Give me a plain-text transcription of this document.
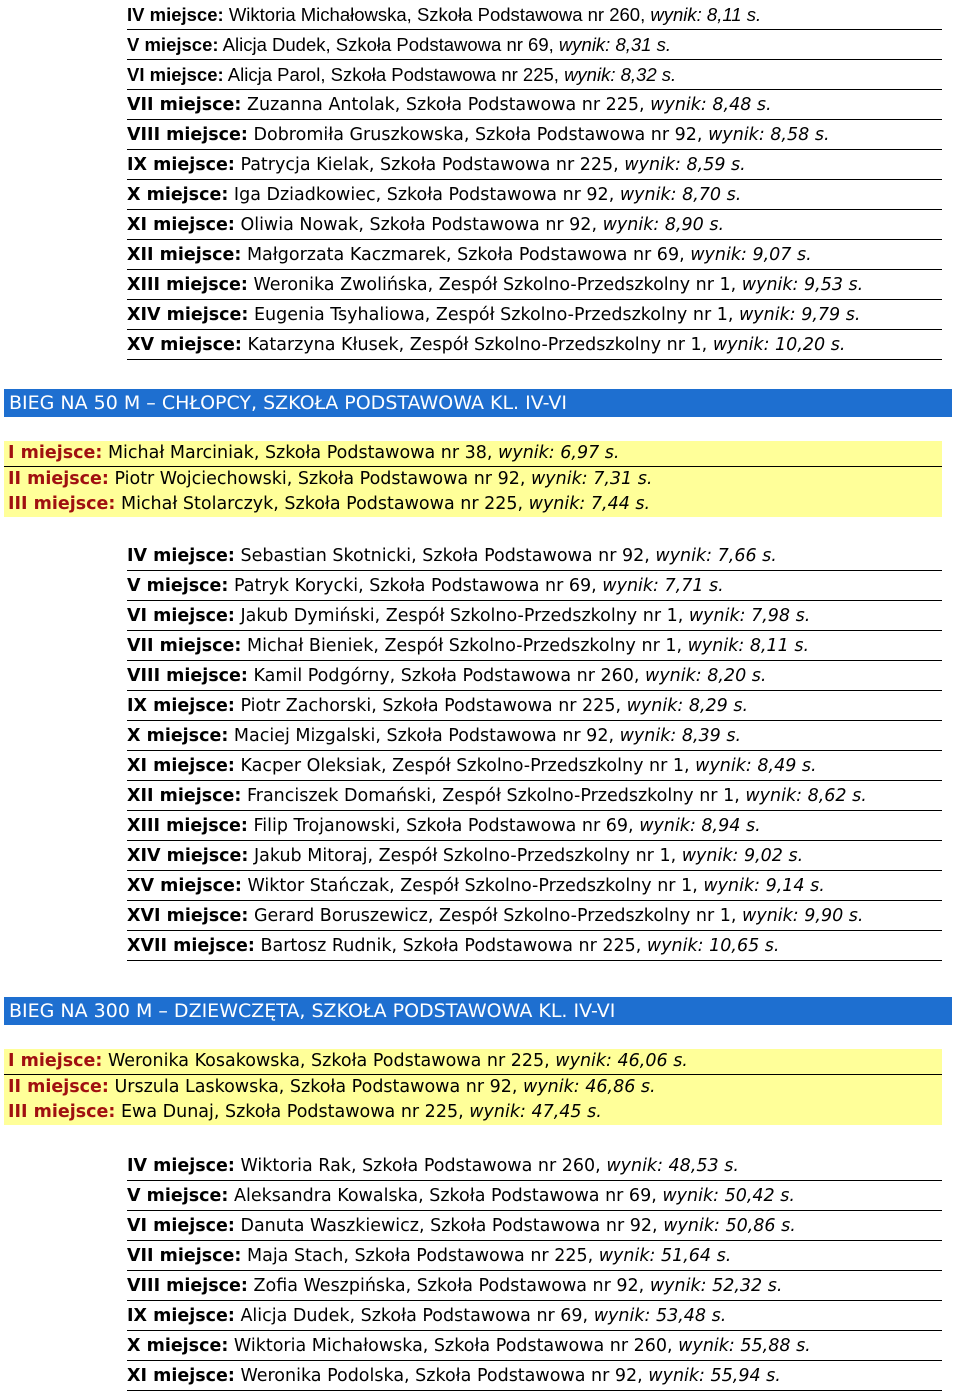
IV miejsce: Wiktoria Michałowska, Szkoła Podstawowa nr 260, wynik: 8,11 s.
V miejsce: Alicja Dudek, Szkoła Podstawowa nr 69, wynik: 8,31 s.
VI miejsce: Alicja Parol, Szkoła Podstawowa nr 225, wynik: 8,32 s.
VII miejsce: Zuzanna Antolak, Szkoła Podstawowa nr 225, wynik: 8,48 s.
VIII miejsce: Dobromiła Gruszkowska, Szkoła Podstawowa nr 92, wynik: 8,58 s.
IX miejsce: Patrycja Kielak, Szkoła Podstawowa nr 225, wynik: 8,59 s.
X miejsce: Iga Dziadkowiec, Szkoła Podstawowa nr 92, wynik: 8,70 s.
XI miejsce: Oliwia Nowak, Szkoła Podstawowa nr 92, wynik: 8,90 s.
XII miejsce: Małgorzata Kaczmarek, Szkoła Podstawowa nr 69, wynik: 9,07 s.
XIII miejsce: Weronika Zwolińska, Zespół Szkolno-Przedszkolny nr 1, wynik: 9,53 s.
XIV miejsce: Eugenia Tsyhaliowa, Zespół Szkolno-Przedszkolny nr 1, wynik: 9,79 s.
XV miejsce: Katarzyna Kłusek, Zespół Szkolno-Przedszkolny nr 1, wynik: 10,20 s.
BIEG NA 50 M – CHŁOPCY, SZKOŁA PODSTAWOWA KL. IV-VI
I miejsce: Michał Marciniak, Szkoła Podstawowa nr 38, wynik: 6,97 s.
II miejsce: Piotr Wojciechowski, Szkoła Podstawowa nr 92, wynik: 7,31 s.
III miejsce: Michał Stolarczyk, Szkoła Podstawowa nr 225, wynik: 7,44 s.
IV miejsce: Sebastian Skotnicki, Szkoła Podstawowa nr 92, wynik: 7,66 s.
V miejsce: Patryk Korycki, Szkoła Podstawowa nr 69, wynik: 7,71 s.
VI miejsce: Jakub Dymiński, Zespół Szkolno-Przedszkolny nr 1, wynik: 7,98 s.
VII miejsce: Michał Bieniek, Zespół Szkolno-Przedszkolny nr 1, wynik: 8,11 s.
VIII miejsce: Kamil Podgórny, Szkoła Podstawowa nr 260, wynik: 8,20 s.
IX miejsce: Piotr Zachorski, Szkoła Podstawowa nr 225, wynik: 8,29 s.
X miejsce: Maciej Mizgalski, Szkoła Podstawowa nr 92, wynik: 8,39 s.
XI miejsce: Kacper Oleksiak, Zespół Szkolno-Przedszkolny nr 1, wynik: 8,49 s.
XII miejsce: Franciszek Domański, Zespół Szkolno-Przedszkolny nr 1, wynik: 8,62 s.
XIII miejsce: Filip Trojanowski, Szkoła Podstawowa nr 69, wynik: 8,94 s.
XIV miejsce: Jakub Mitoraj, Zespół Szkolno-Przedszkolny nr 1, wynik: 9,02 s.
XV miejsce: Wiktor Stańczak, Zespół Szkolno-Przedszkolny nr 1, wynik: 9,14 s.
XVI miejsce: Gerard Boruszewicz, Zespół Szkolno-Przedszkolny nr 1, wynik: 9,90 s.
XVII miejsce: Bartosz Rudnik, Szkoła Podstawowa nr 225, wynik: 10,65 s.
BIEG NA 300 M – DZIEWCZĘTA, SZKOŁA PODSTAWOWA KL. IV-VI
I miejsce: Weronika Kosakowska, Szkoła Podstawowa nr 225, wynik: 46,06 s.
II miejsce: Urszula Laskowska, Szkoła Podstawowa nr 92, wynik: 46,86 s.
III miejsce: Ewa Dunaj, Szkoła Podstawowa nr 225, wynik: 47,45 s.
IV miejsce: Wiktoria Rak, Szkoła Podstawowa nr 260, wynik: 48,53 s.
V miejsce: Aleksandra Kowalska, Szkoła Podstawowa nr 69, wynik: 50,42 s.
VI miejsce: Danuta Waszkiewicz, Szkoła Podstawowa nr 92, wynik: 50,86 s.
VII miejsce: Maja Stach, Szkoła Podstawowa nr 225, wynik: 51,64 s.
VIII miejsce: Zofia Weszpińska, Szkoła Podstawowa nr 92, wynik: 52,32 s.
IX miejsce: Alicja Dudek, Szkoła Podstawowa nr 69, wynik: 53,48 s.
X miejsce: Wiktoria Michałowska, Szkoła Podstawowa nr 260, wynik: 55,88 s.
XI miejsce: Weronika Podolska, Szkoła Podstawowa nr 92, wynik: 55,94 s.
